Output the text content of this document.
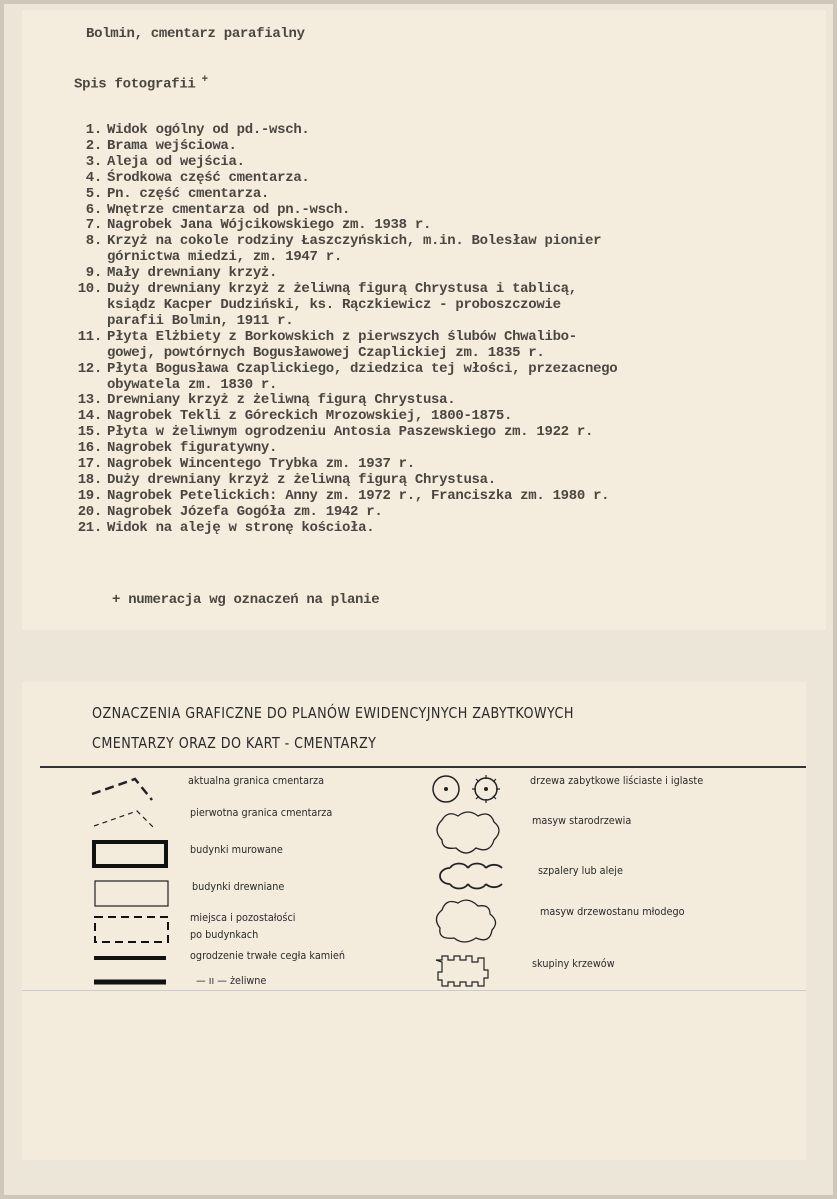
Bolmin, cmentarz parafialny
Spis fotografii +
1. Widok ogólny od pd.-wsch.
2. Brama wejściowa.
3. Aleja od wejścia.
4. Środkowa część cmentarza.
5. Pn. część cmentarza.
6. Wnętrze cmentarza od pn.-wsch.
7. Nagrobek Jana Wójcikowskiego zm. 1938 r.
8. Krzyż na cokole rodziny Łaszczyńskich, m.in. Bolesław pionier
górnictwa miedzi, zm. 1947 r.
9. Mały drewniany krzyż.
10. Duży drewniany krzyż z żeliwną figurą Chrystusa i tablicą,
ksiądz Kacper Dudziński, ks. Rączkiewicz - proboszczowie
parafii Bolmin, 1911 r.
11. Płyta Elżbiety z Borkowskich z pierwszych ślubów Chwalibo-
gowej, powtórnych Bogusławowej Czaplickiej zm. 1835 r.
12. Płyta Bogusława Czaplickiego, dziedzica tej włości, przezacnego
obywatela zm. 1830 r.
13. Drewniany krzyż z żeliwną figurą Chrystusa.
14. Nagrobek Tekli z Góreckich Mrozowskiej, 1800-1875.
15. Płyta w żeliwnym ogrodzeniu Antosia Paszewskiego zm. 1922 r.
16. Nagrobek figuratywny.
17. Nagrobek Wincentego Trybka zm. 1937 r.
18. Duży drewniany krzyż z żeliwną figurą Chrystusa.
19. Nagrobek Petelickich: Anny zm. 1972 r., Franciszka zm. 1980 r.
20. Nagrobek Józefa Gogóła zm. 1942 r.
21. Widok na aleję w stronę kościoła.
+ numeracja wg oznaczeń na planie
OZNACZENIA GRAFICZNE DO PLANÓW EWIDENCYJNYCH ZABYTKOWYCH
CMENTARZY ORAZ DO KART - CMENTARZY
aktualna granica cmentarza
pierwotna granica cmentarza
budynki murowane
budynki drewniane
miejsca i pozostałości
po budynkach
ogrodzenie trwałe cegła kamień
— ıı — żeliwne
drzewa zabytkowe liściaste i iglaste
masyw starodrzewia
szpalery lub aleje
masyw drzewostanu młodego
skupiny krzewów
